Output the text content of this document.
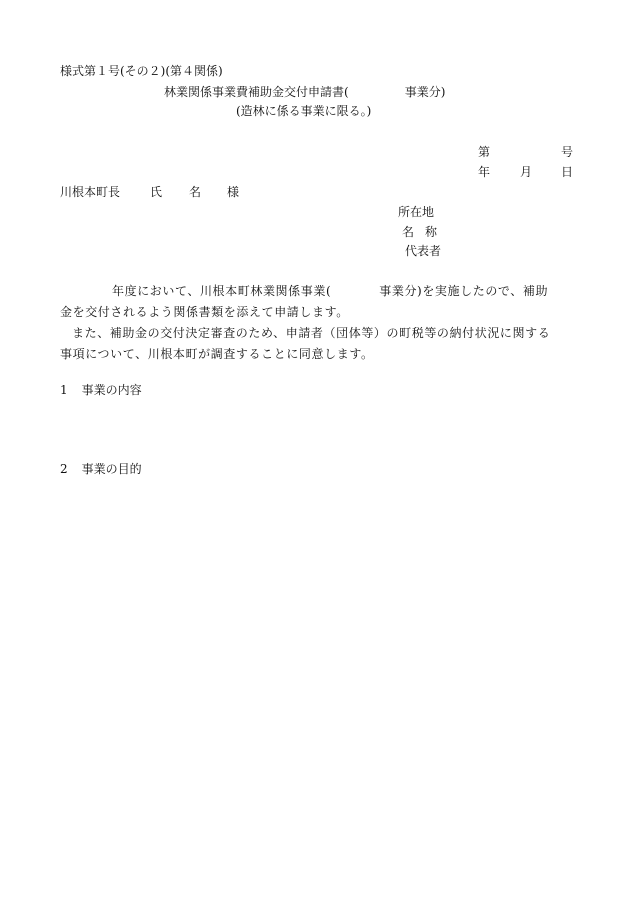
様式第１号(その２)(第４関係)
林業関係事業費補助金交付申請書(	事業分)
(造林に係る事業に限る。)
第	号
年 月 日
川根本町長 氏 名 様
所在地
名 称
代表者

年度において、川根本町林業関係事業(	事業分)を実施したので、補助

金を交付されるよう関係書類を添えて申請します。

また、補助金の交付決定審査のため、申請者（団体等）の町税等の納付状況に関する

事項について、川根本町が調査することに同意します。

1 事業の内容
2 事業の目的
